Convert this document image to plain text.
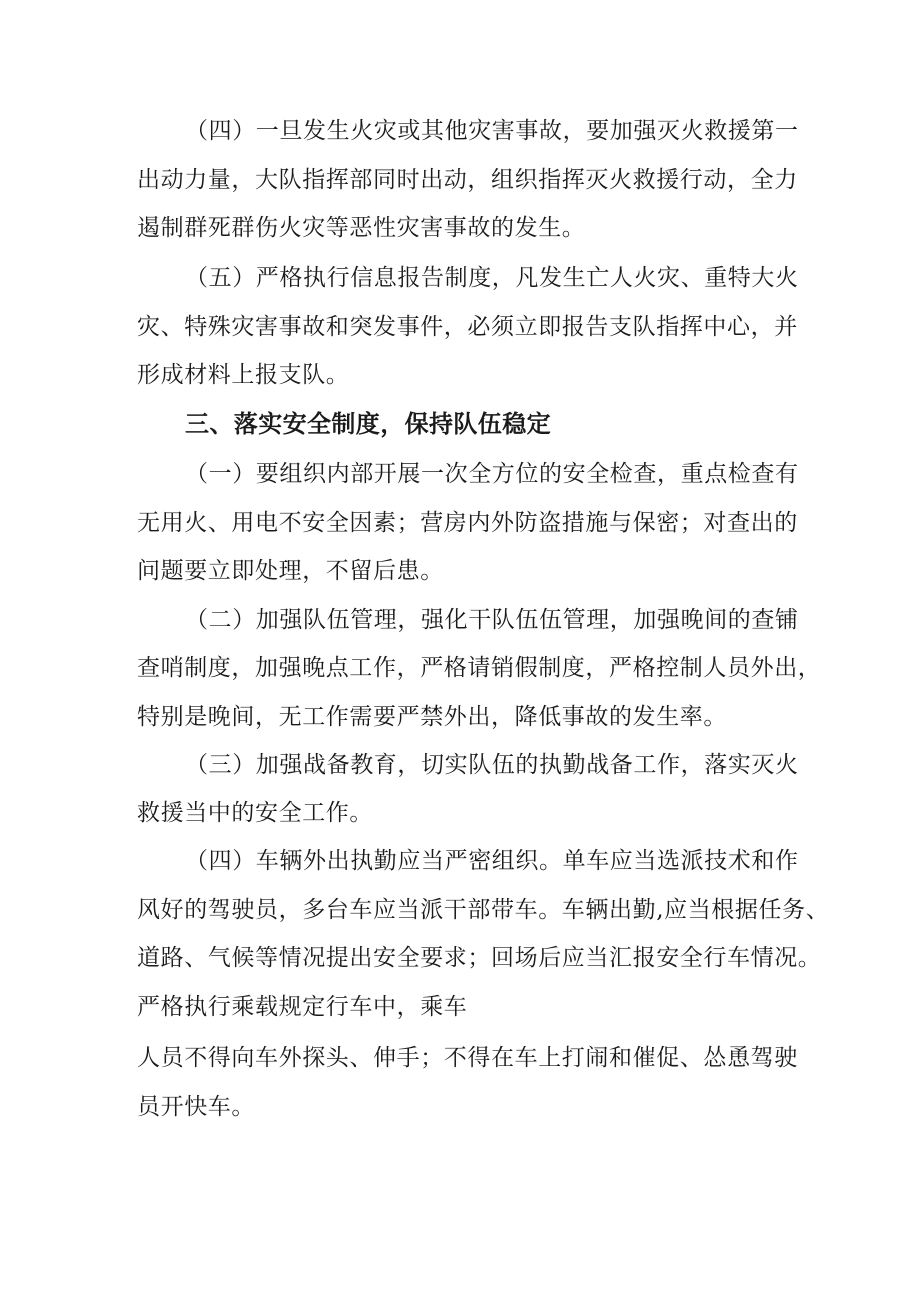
（四）一旦发生火灾或其他灾害事故，要加强灭火救援第一
出动力量，大队指挥部同时出动，组织指挥灭火救援行动，全力
遏制群死群伤火灾等恶性灾害事故的发生。
（五）严格执行信息报告制度，凡发生亡人火灾、重特大火
灾、特殊灾害事故和突发事件，必须立即报告支队指挥中心，并
形成材料上报支队。
三、落实安全制度，保持队伍稳定
（一）要组织内部开展一次全方位的安全检查，重点检查有
无用火、用电不安全因素；营房内外防盗措施与保密；对查出的
问题要立即处理，不留后患。
（二）加强队伍管理，强化干队伍伍管理，加强晚间的查铺
查哨制度，加强晚点工作，严格请销假制度，严格控制人员外出，
特别是晚间，无工作需要严禁外出，降低事故的发生率。
（三）加强战备教育，切实队伍的执勤战备工作，落实灭火
救援当中的安全工作。
（四）车辆外出执勤应当严密组织。单车应当选派技术和作
风好的驾驶员，多台车应当派干部带车。车辆出勤,应当根据任务、
道路、气候等情况提出安全要求；回场后应当汇报安全行车情况。
严格执行乘载规定行车中，乘车
人员不得向车外探头、伸手；不得在车上打闹和催促、怂恿驾驶
员开快车。
